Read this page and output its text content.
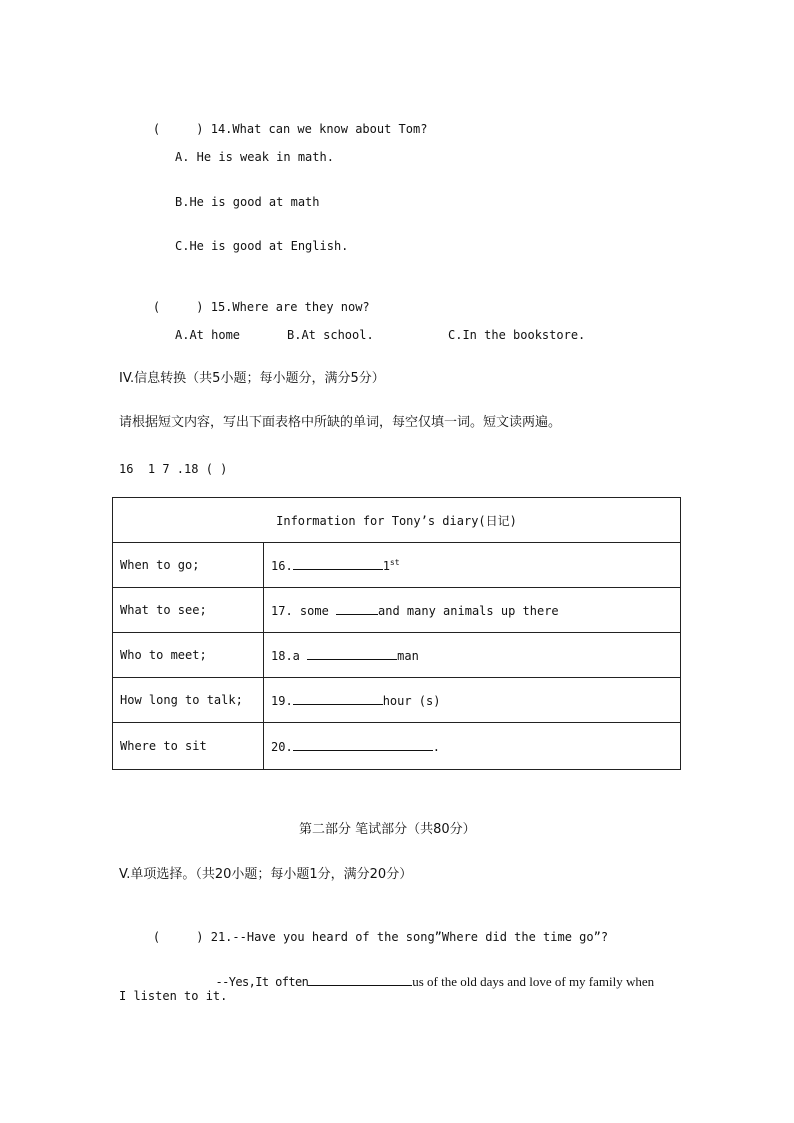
(     ) 14.What can we know about Tom?

A. He is weak in math.
B.He is good at math
C.He is good at English.

(     ) 15.Where are they now?

A.At home	B.At school.	C.In the bookstore.
IV.信息转换（共5小题；每小题分，满分5分）
请根据短文内容，写出下面表格中所缺的单词，每空仅填一词。短文读两遍。
16  1 7 .18 ( )
Information for Tony’s diary(日记)	
When to go;	16. 1st
What to see;	17. some and many animals up there
Who to meet;	18.a man
How long to talk;	19. hour (s)
Where to sit	20. .
第二部分 笔试部分（共80分）
V.单项选择。（共20小题；每小题1分，满分20分）

(     ) 21.--Have you heard of the song”Where did the time go”?

--Yes,It often	us of the old days and love of my family when

I listen to it.
